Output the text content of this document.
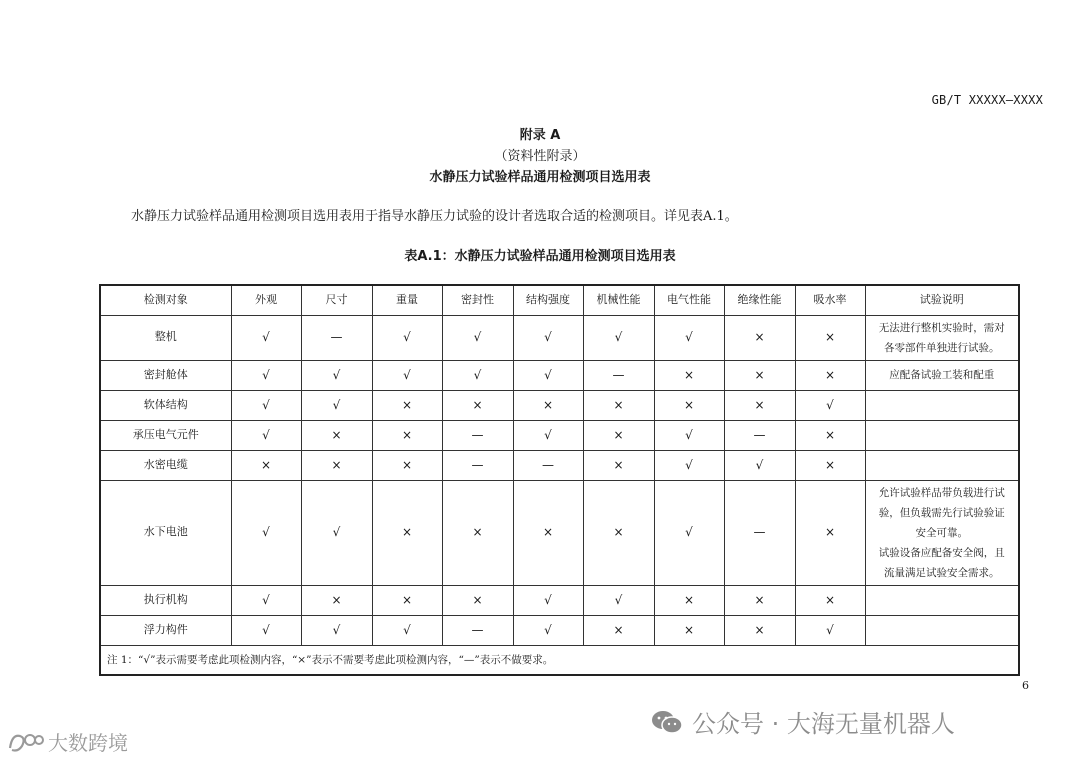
GB/T XXXXX—XXXX
附录 A
（资料性附录）
水静压力试验样品通用检测项目选用表
水静压力试验样品通用检测项目选用表用于指导水静压力试验的设计者选取合适的检测项目。详见表A.1。
表A.1：水静压力试验样品通用检测项目选用表
检测对象	外观	尺寸	重量	密封性	结构强度	机械性能	电气性能	绝缘性能	吸水率	试验说明
整机	√	—	√	√	√	√	√	×	×	无法进行整机实验时，需对
各零部件单独进行试验。

密封舱体	√	√	√	√	√	—	×	×	×	应配备试验工装和配重

软体结构	√	√	×	×	×	×	×	×	√	
承压电气元件	√	×	×	—	√	×	√	—	×	
水密电缆	×	×	×	—	—	×	√	√	×	
水下电池	√	√	×	×	×	×	√	—	×	允许试验样品带负载进行试
验，但负载需先行试验验证
安全可靠。
试验设备应配备安全阀，且
流量满足试验安全需求。

执行机构	√	×	×	×	√	√	×	×	×	
浮力构件	√	√	√	—	√	×	×	×	√	
注 1：“√”表示需要考虑此项检测内容，“×”表示不需要考虑此项检测内容，“—”表示不做要求。										
6
公众号 · 大海无量机器人
大数跨境
